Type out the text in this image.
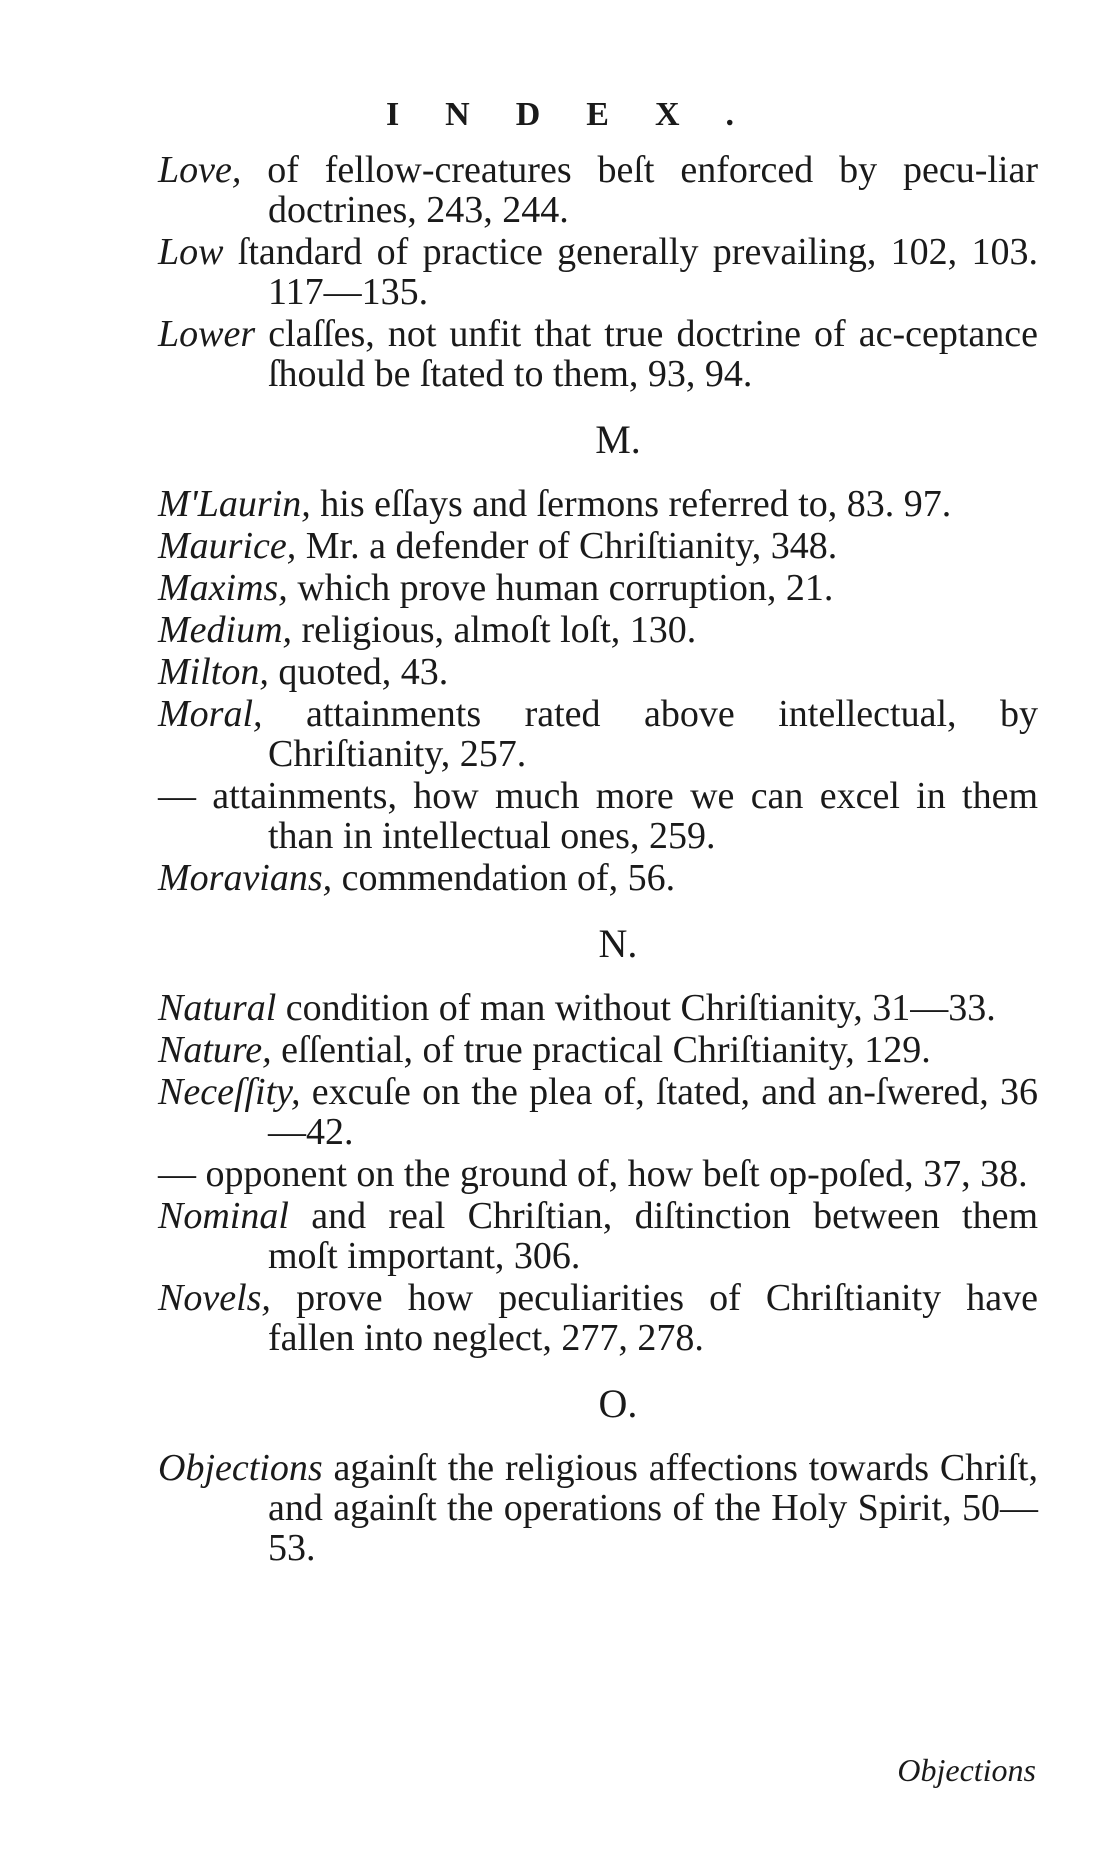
INDEX.

Love, of fellow-creatures beſt enforced by pecu-liar doctrines, 243, 244.

Low ſtandard of practice generally prevailing, 102, 103. 117—135.

Lower claſſes, not unfit that true doctrine of ac-ceptance ſhould be ſtated to them, 93, 94.

M.

M'Laurin, his eſſays and ſermons referred to, 83. 97.

Maurice, Mr. a defender of Chriſtianity, 348.

Maxims, which prove human corruption, 21.

Medium, religious, almoſt loſt, 130.

Milton, quoted, 43.

Moral, attainments rated above intellectual, by Chriſtianity, 257.

— attainments, how much more we can excel in them than in intellectual ones, 259.

Moravians, commendation of, 56.

N.

Natural condition of man without Chriſtianity, 31—33.

Nature, eſſential, of true practical Chriſtianity, 129.

Neceſſity, excuſe on the plea of, ſtated, and an-ſwered, 36—42.

— opponent on the ground of, how beſt op-poſed, 37, 38.

Nominal and real Chriſtian, diſtinction between them moſt important, 306.

Novels, prove how peculiarities of Chriſtianity have fallen into neglect, 277, 278.

O.

Objections againſt the religious affections towards Chriſt, and againſt the operations of the Holy Spirit, 50—53.

Objections
